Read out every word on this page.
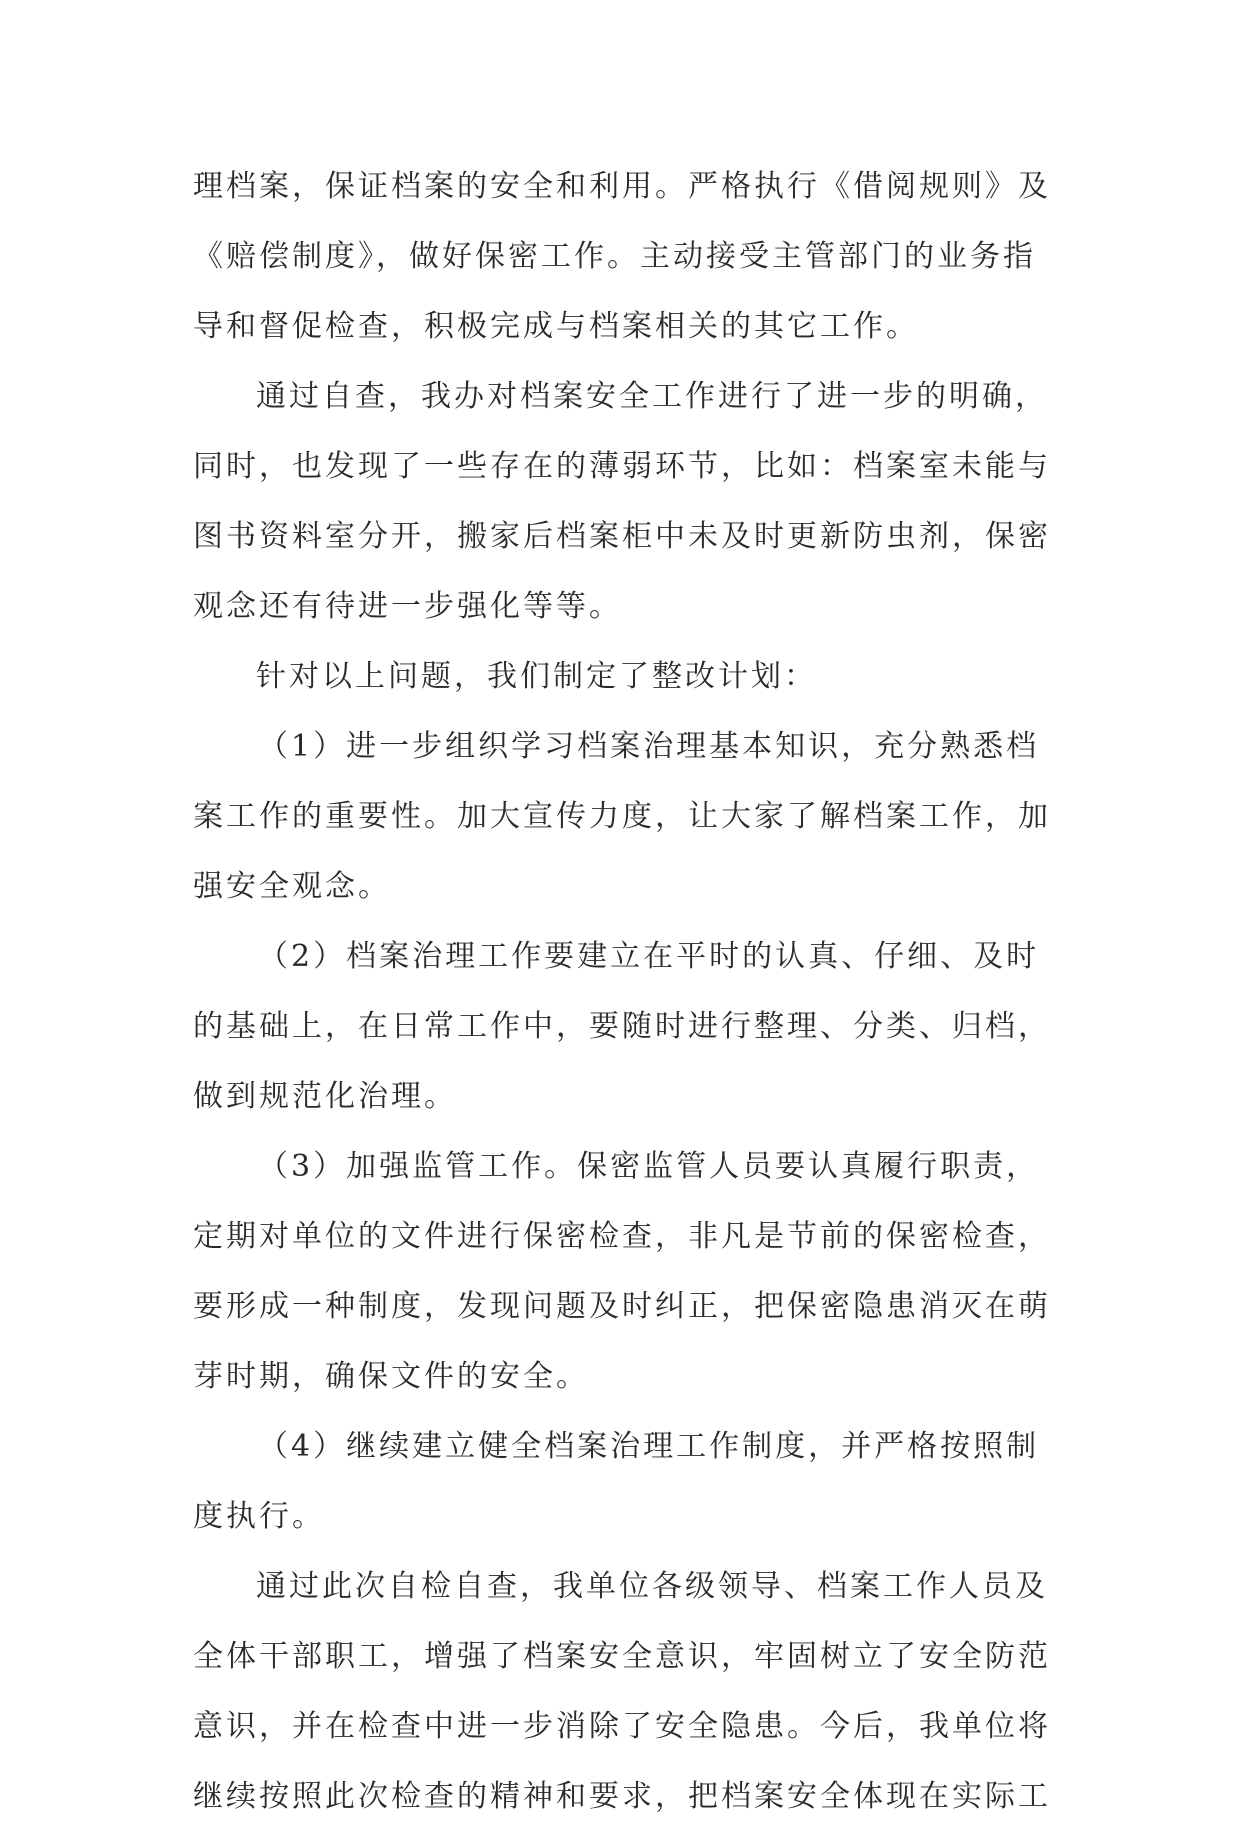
理档案，保证档案的安全和利用。严格执行《借阅规则》及
《赔偿制度》，做好保密工作。主动接受主管部门的业务指
导和督促检查，积极完成与档案相关的其它工作。
通过自查，我办对档案安全工作进行了进一步的明确，
同时，也发现了一些存在的薄弱环节，比如：档案室未能与
图书资料室分开，搬家后档案柜中未及时更新防虫剂，保密
观念还有待进一步强化等等。
针对以上问题，我们制定了整改计划：
（1）进一步组织学习档案治理基本知识，充分熟悉档
案工作的重要性。加大宣传力度，让大家了解档案工作，加
强安全观念。
（2）档案治理工作要建立在平时的认真、仔细、及时
的基础上，在日常工作中，要随时进行整理、分类、归档，
做到规范化治理。
（3）加强监管工作。保密监管人员要认真履行职责，
定期对单位的文件进行保密检查，非凡是节前的保密检查，
要形成一种制度，发现问题及时纠正，把保密隐患消灭在萌
芽时期，确保文件的安全。
（4）继续建立健全档案治理工作制度，并严格按照制
度执行。
通过此次自检自查，我单位各级领导、档案工作人员及
全体干部职工，增强了档案安全意识，牢固树立了安全防范
意识，并在检查中进一步消除了安全隐患。今后，我单位将
继续按照此次检查的精神和要求，把档案安全体现在实际工
